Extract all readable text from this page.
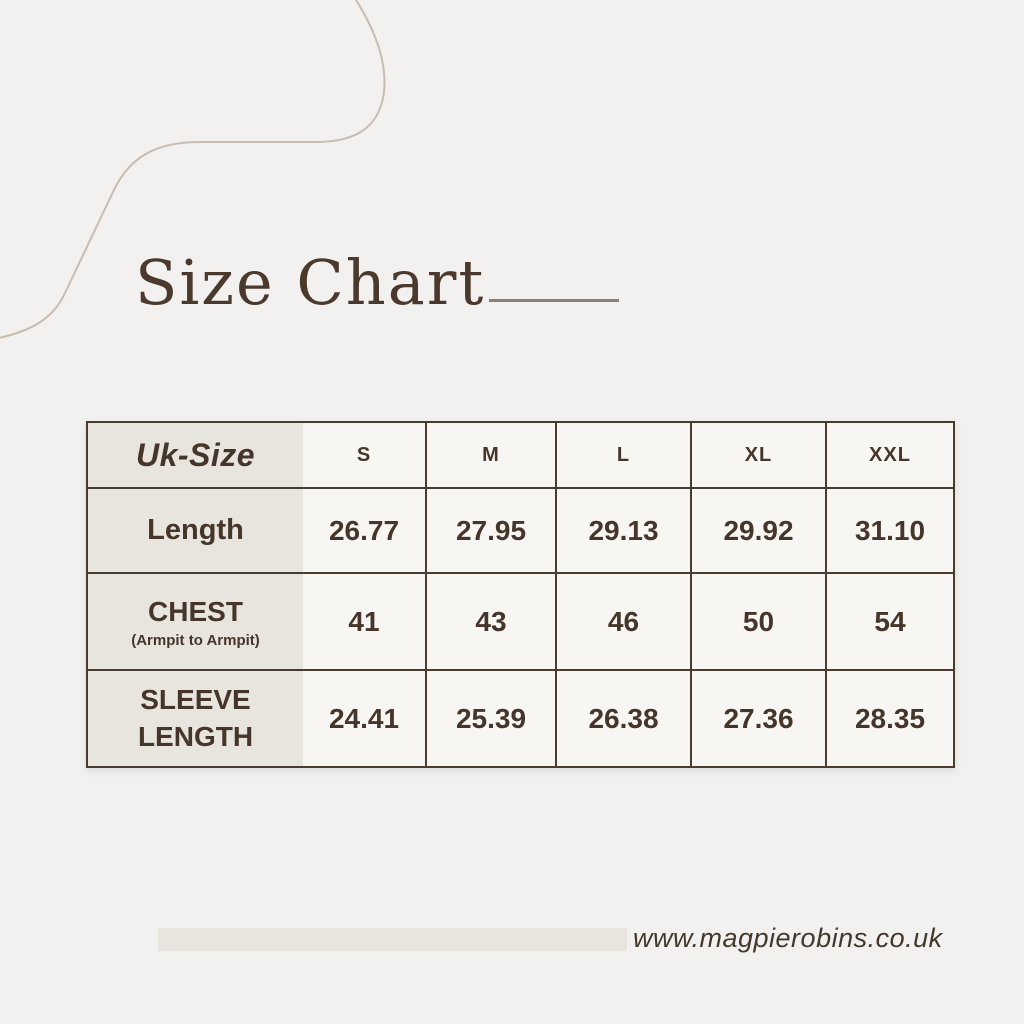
Size Chart
Uk-Size	S	M	L	XL	XXL
Length	26.77 27.95 29.13 29.92 31.10
CHEST
(Armpit to Armpit)
41	43	46	50	54
SLEEVE LENGTH
24.41 25.39 26.38 27.36 28.35
www.magpierobins.co.uk
